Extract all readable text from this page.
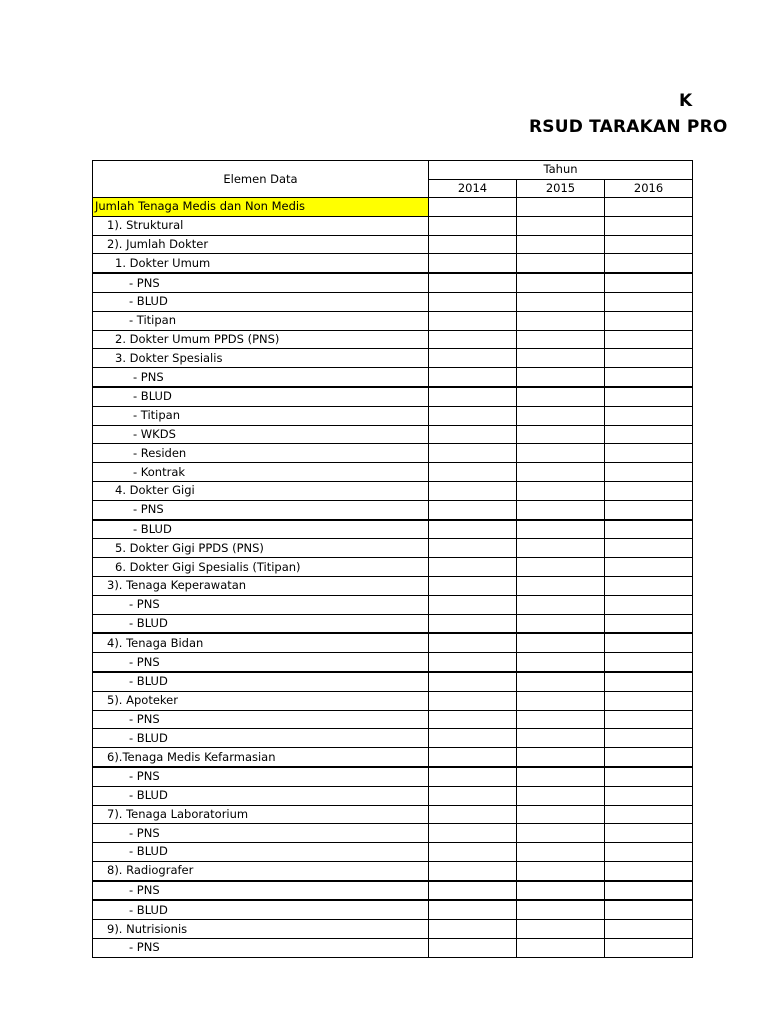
K
RSUD TARAKAN PRO
Elemen Data	Tahun		
	2014	2015	2016
Jumlah Tenaga Medis dan Non Medis			
1). Struktural			
2). Jumlah Dokter			
1. Dokter Umum			
- PNS			
- BLUD			
- Titipan			
2. Dokter Umum PPDS (PNS)			
3. Dokter Spesialis			
- PNS			
- BLUD			
- Titipan			
- WKDS			
- Residen			
- Kontrak			
4. Dokter Gigi			
- PNS			
- BLUD			
5. Dokter Gigi PPDS (PNS)			
6. Dokter Gigi Spesialis (Titipan)			
3). Tenaga Keperawatan			
- PNS			
- BLUD			
4). Tenaga Bidan			
- PNS			
- BLUD			
5). Apoteker			
- PNS			
- BLUD			
6).Tenaga Medis Kefarmasian			
- PNS			
- BLUD			
7). Tenaga Laboratorium			
- PNS			
- BLUD			
8). Radiografer			
- PNS			
- BLUD			
9). Nutrisionis			
- PNS			
